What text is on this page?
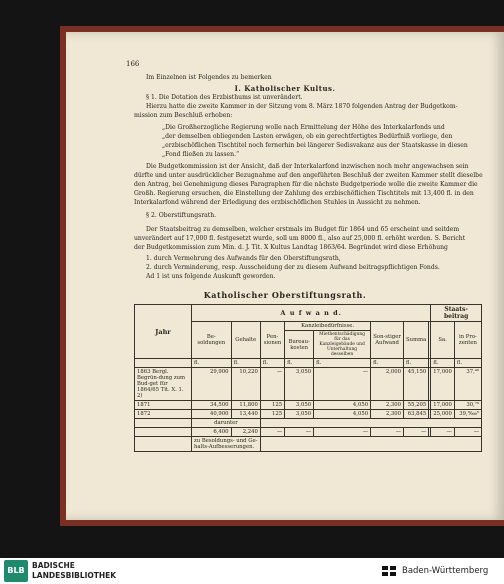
166
Im Einzelnen ist Folgendes zu bemerken
I. Katholischer Kultus.
§ 1. Die Dotation des Erzbisthums ist unverändert.
Hierzu hatte die zweite Kammer in der Sitzung vom 8. März 1870 folgenden Antrag der Budgetkom-
mission zum Beschluß erhoben:
„Die Großherzogliche Regierung wolle nach Ermittelung der Höhe des Interkalarfonds und
„der demselben obliegenden Lasten erwägen, ob ein gerechtfertigtes Bedürfniß vorliege, den
„erzbischöflichen Tischtitel noch fernerhin bei längerer Sedisvakanz aus der Staatskasse in diesen
„Fond fließen zu lassen.“
Die Budgetkommission ist der Ansicht, daß der Interkalarfond inzwischen noch mehr angewachsen sein
dürfte und unter ausdrücklicher Bezugnahme auf den angeführten Beschluß der zweiten Kammer stellt dieselbe
den Antrag, bei Genehmigung dieses Paragraphen für die nächste Budgetperiode wolle die zweite Kammer die
Großh. Regierung ersuchen, die Einstellung der Zahlung des erzbischöflichen Tischtitels mit 13,400 fl. in den
Interkalarfond während der Erledigung des erzbischöflichen Stuhles in Aussicht zu nehmen.
§ 2. Oberstiftungsrath.
Der Staatsbeitrag zu demselben, welcher erstmals im Budget für 1864 und 65 erscheint und seitdem
unverändert auf 17,000 fl. festgesetzt wurde, soll um 8000 fl., also auf 25,000 fl. erhöht werden. S. Bericht
der Budgetkommission zum Min. d. J. Tit. X Kultus Landtag 1863/64. Begründet wird diese Erhöhung
1. durch Vermehrung des Aufwands für den Oberstiftungsrath,
2. durch Verminderung, resp. Ausscheidung der zu diesem Aufwand beitragspflichtigen Fonds.
Ad 1 ist uns folgende Auskunft geworden.
Katholischer Oberstiftungsrath.
Jahr	A u f w a n d.								Staats-beitrag	
	Be-soldungen	Gehalte	Pen-sionen	Kanzleibedürfnisse.		Son-stiger Aufwand	Summa		Sa.	in Pro-zenten
				Bureau-kosten	Miethentschädigung für das Kanzleigebäude und Unterhaltung desselben					
	fl.	fl.	fl.	fl.	fl.	fl.	fl.		fl.	fl.
1863 Bergl. Begrün-dung zum Bud-get für 1864/65 Tit. X. 1. 2)	29,900	10,220	—	3,050	—	2,000	45,150		17,000	37,⁴⁶
1871	34,500	11,800	125	3,050	4,050	2,300	55,205		17,000	30,⁷⁹
1872	40,900	13,440	125	3,050	4,050	2,300	63,845		25,000	39,‱⁵
	darunter									
	6,400	2,240	—	—	—	—	—		—	—
	zu Besoldungs- und Ge-halts-Aufbesserungen.									
BLB
BADISCHE
LANDESBIBLIOTHEK	Baden-Württemberg
